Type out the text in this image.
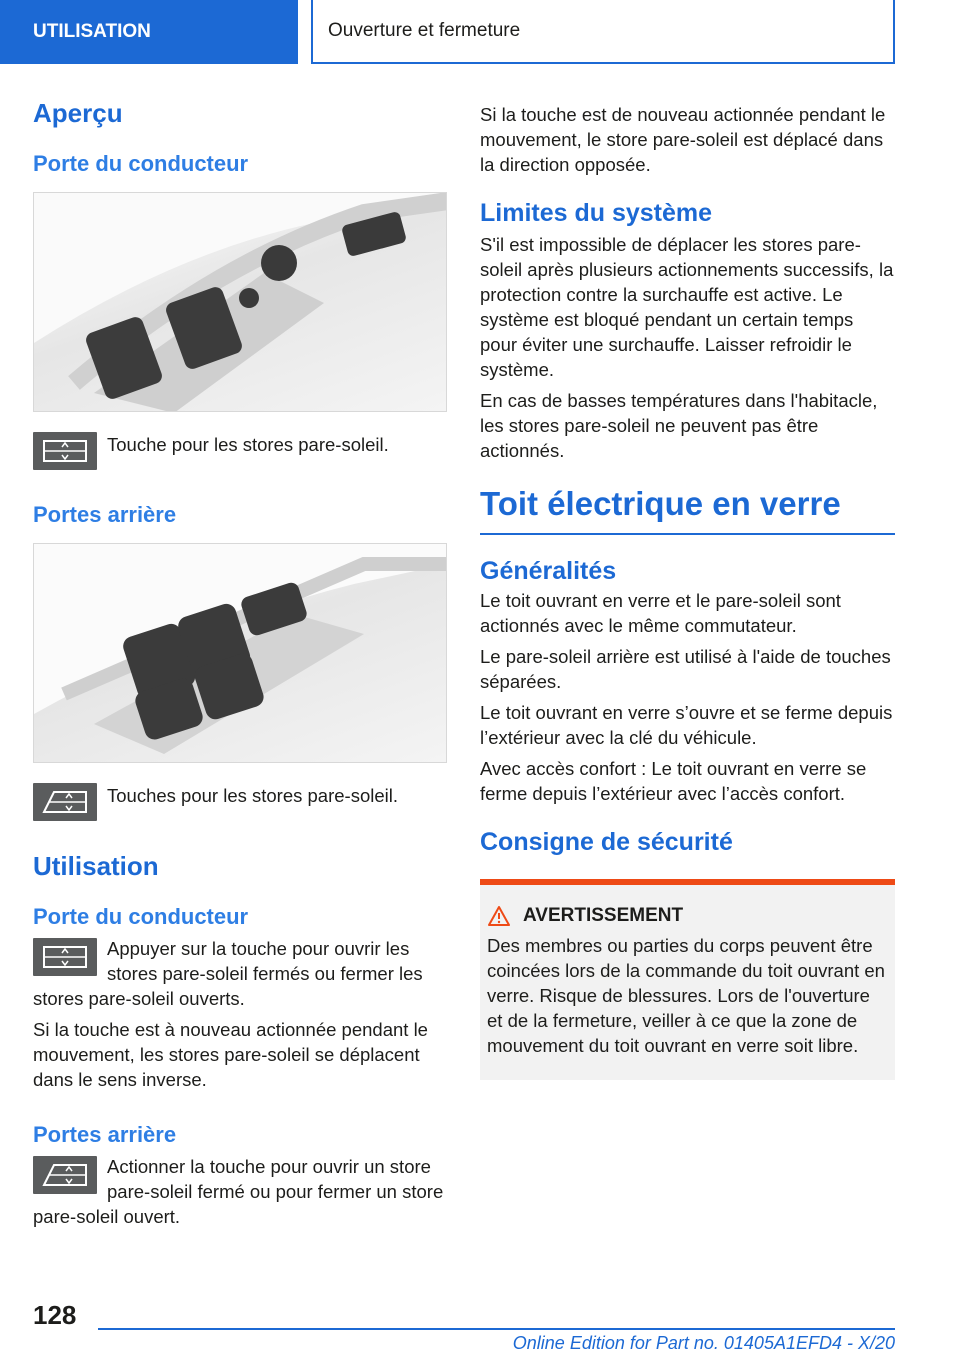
UTILISATION	Ouverture et fermeture
Aperçu
Porte du conducteur

Touche pour les stores pare-soleil.

Portes arrière

Touches pour les stores pare-soleil.

Utilisation
Porte du conducteur

Appuyer sur la touche pour ouvrir les stores pare-soleil fermés ou fermer les stores pare-soleil ouverts.

Si la touche est à nouveau actionnée pendant le mouvement, les stores pare-soleil se déplacent dans le sens inverse.

Portes arrière

Actionner la touche pour ouvrir un store pare-soleil fermé ou pour fermer un store pare-soleil ouvert.

Si la touche est de nouveau actionnée pendant le mouvement, le store pare-soleil est déplacé dans la direction opposée.

Limites du système

S'il est impossible de déplacer les stores pare-soleil après plusieurs actionnements successifs, la protection contre la surchauffe est active. Le système est bloqué pendant un certain temps pour éviter une surchauffe. Laisser refroidir le système.

En cas de basses températures dans l'habitacle, les stores pare-soleil ne peuvent pas être actionnés.

Toit électrique en verre
Généralités

Le toit ouvrant en verre et le pare-soleil sont actionnés avec le même commutateur.

Le pare-soleil arrière est utilisé à l'aide de touches séparées.

Le toit ouvrant en verre s’ouvre et se ferme depuis l’extérieur avec la clé du véhicule.

Avec accès confort : Le toit ouvrant en verre se ferme depuis l’extérieur avec l’accès confort.

Consigne de sécurité
AVERTISSEMENT

Des membres ou parties du corps peuvent être coincées lors de la commande du toit ouvrant en verre. Risque de blessures. Lors de l'ouverture et de la fermeture, veiller à ce que la zone de mouvement du toit ouvrant en verre soit libre.

128
Online Edition for Part no. 01405A1EFD4 - X/20
